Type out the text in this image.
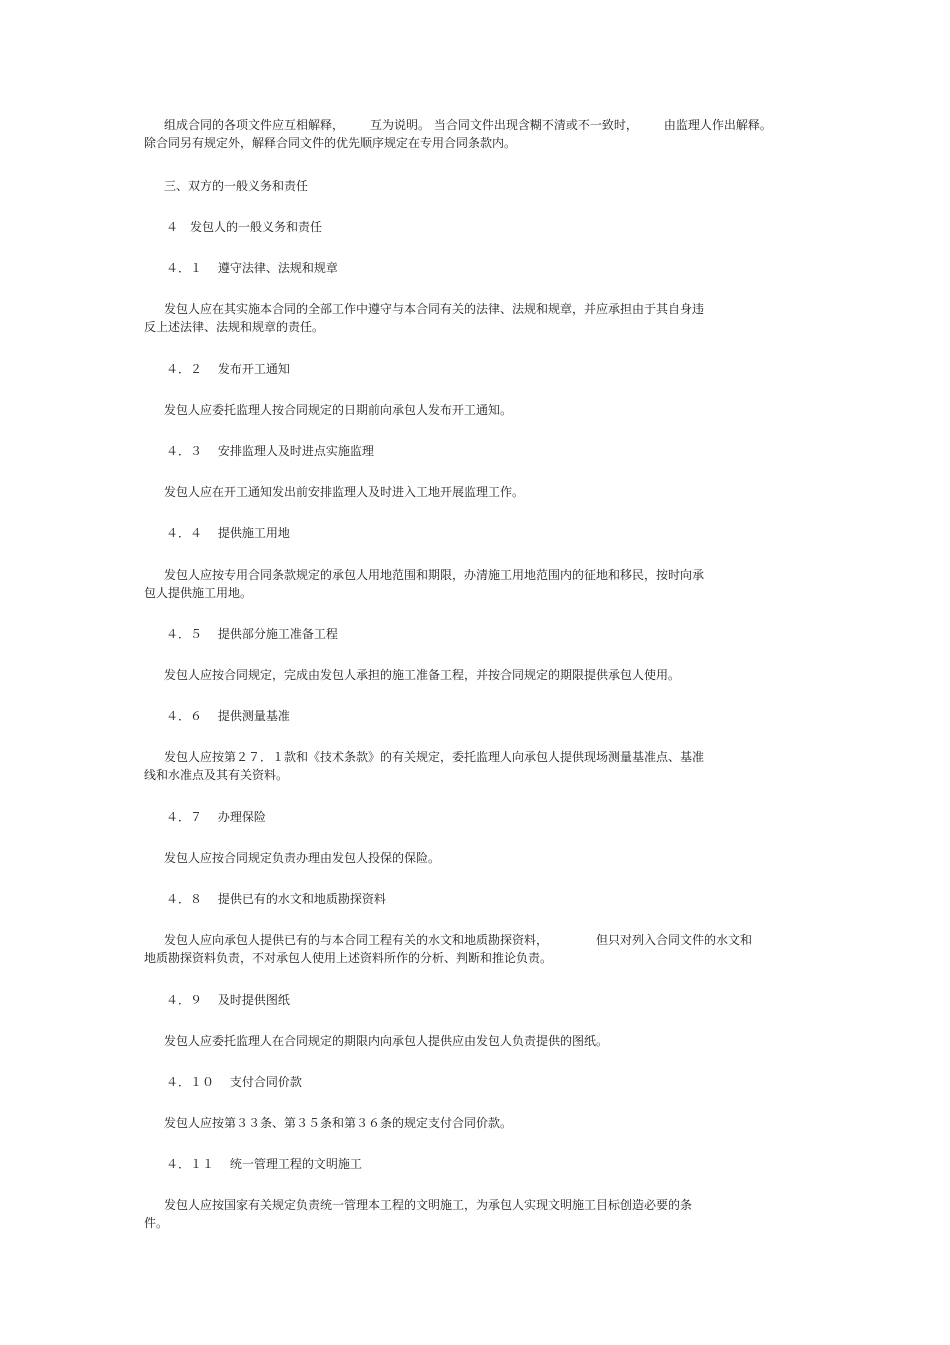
组成合同的各项文件应互相解释， 互为说明。 当合同文件出现含糊不清或不一致时， 由监理人作出解释。
除合同另有规定外，解释合同文件的优先顺序规定在专用合同条款内。
三、双方的一般义务和责任
４　发包人的一般义务和责任
４．１　 遵守法律、法规和规章
发包人应在其实施本合同的全部工作中遵守与本合同有关的法律、法规和规章，并应承担由于其自身违
反上述法律、法规和规章的责任。
４．２　 发布开工通知
发包人应委托监理人按合同规定的日期前向承包人发布开工通知。
４．３　 安排监理人及时进点实施监理
发包人应在开工通知发出前安排监理人及时进入工地开展监理工作。
４．４　 提供施工用地
发包人应按专用合同条款规定的承包人用地范围和期限，办清施工用地范围内的征地和移民，按时向承
包人提供施工用地。
４．５　 提供部分施工准备工程
发包人应按合同规定，完成由发包人承担的施工准备工程，并按合同规定的期限提供承包人使用。
４．６　 提供测量基准
发包人应按第２７．１款和《技术条款》的有关规定，委托监理人向承包人提供现场测量基准点、基准
线和水准点及其有关资料。
４．７　 办理保险
发包人应按合同规定负责办理由发包人投保的保险。
４．８　 提供已有的水文和地质勘探资料
发包人应向承包人提供已有的与本合同工程有关的水文和地质勘探资料，	但只对列入合同文件的水文和
地质勘探资料负责，不对承包人使用上述资料所作的分析、判断和推论负责。
４．９　 及时提供图纸
发包人应委托监理人在合同规定的期限内向承包人提供应由发包人负责提供的图纸。
４．１０　 支付合同价款
发包人应按第３３条、第３５条和第３６条的规定支付合同价款。
４．１１　 统一管理工程的文明施工
发包人应按国家有关规定负责统一管理本工程的文明施工，为承包人实现文明施工目标创造必要的条
件。
